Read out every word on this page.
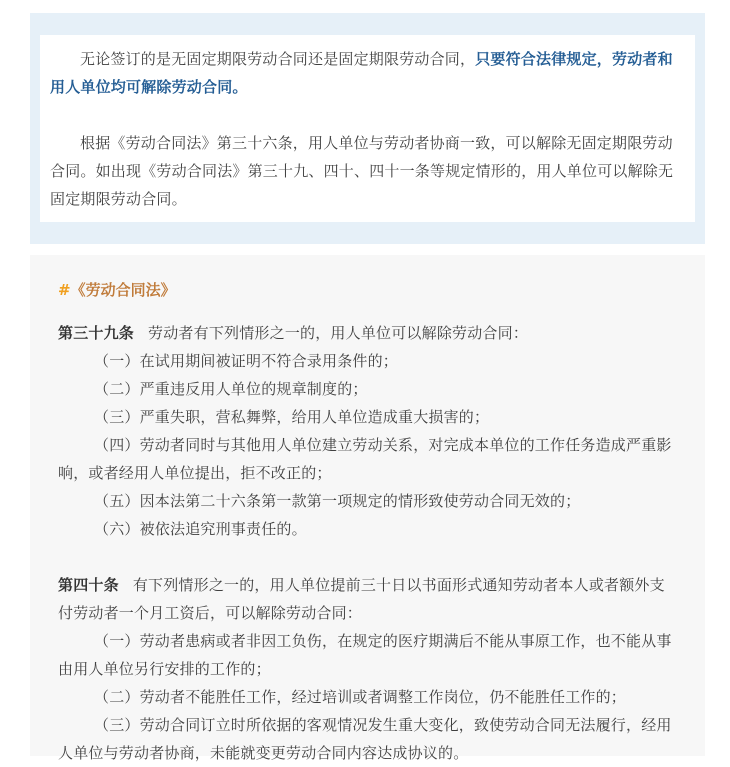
无论签订的是无固定期限劳动合同还是固定期限劳动合同，只要符合法律规定，劳动者和用人单位均可解除劳动合同。

根据《劳动合同法》第三十六条，用人单位与劳动者协商一致，可以解除无固定期限劳动合同。如出现《劳动合同法》第三十九、四十、四十一条等规定情形的，用人单位可以解除无固定期限劳动合同。

#《劳动合同法》

第三十九条 劳动者有下列情形之一的，用人单位可以解除劳动合同：

（一）在试用期间被证明不符合录用条件的；

（二）严重违反用人单位的规章制度的；

（三）严重失职，营私舞弊，给用人单位造成重大损害的；

（四）劳动者同时与其他用人单位建立劳动关系，对完成本单位的工作任务造成严重影响，或者经用人单位提出，拒不改正的；

（五）因本法第二十六条第一款第一项规定的情形致使劳动合同无效的；

（六）被依法追究刑事责任的。

第四十条 有下列情形之一的，用人单位提前三十日以书面形式通知劳动者本人或者额外支付劳动者一个月工资后，可以解除劳动合同：

（一）劳动者患病或者非因工负伤，在规定的医疗期满后不能从事原工作，也不能从事由用人单位另行安排的工作的；

（二）劳动者不能胜任工作，经过培训或者调整工作岗位，仍不能胜任工作的；

（三）劳动合同订立时所依据的客观情况发生重大变化，致使劳动合同无法履行，经用人单位与劳动者协商，未能就变更劳动合同内容达成协议的。
